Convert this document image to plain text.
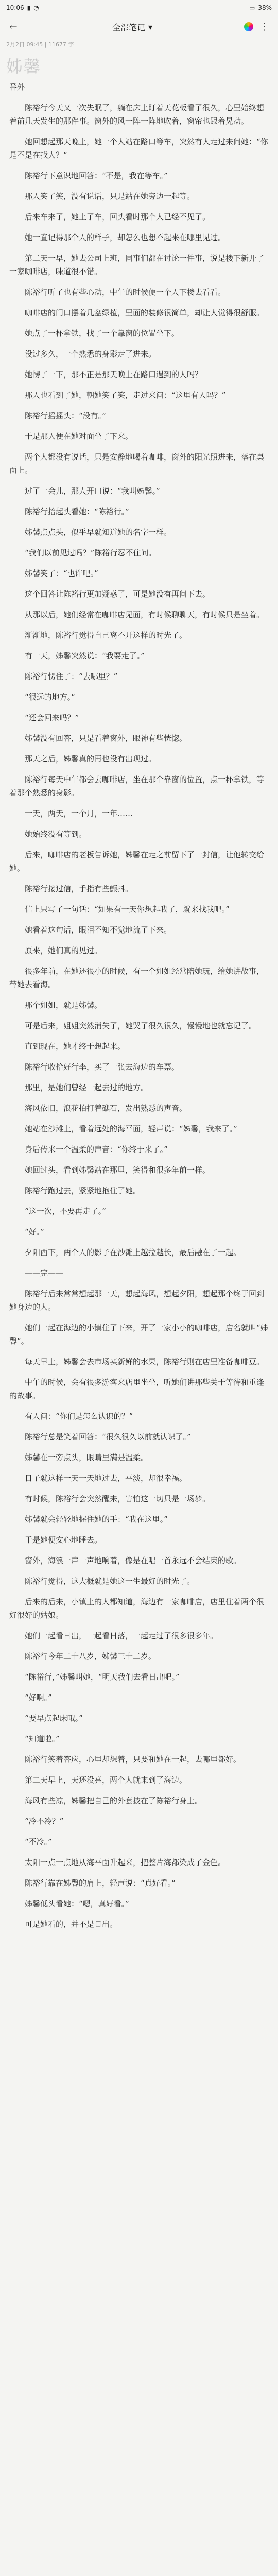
10:06 ▮ ◔	▭ 38%
←	全部笔记 ▾	⋮
2月2日 09:45 | 11677 字
姊馨

番外

陈裕行今天又一次失眠了，躺在床上盯着天花板看了很久，心里始终想着前几天发生的那件事。窗外的风一阵一阵地吹着，窗帘也跟着晃动。

她回想起那天晚上，她一个人站在路口等车，突然有人走过来问她：“你是不是在找人？”

陈裕行下意识地回答：“不是，我在等车。”

那人笑了笑，没有说话，只是站在她旁边一起等。

后来车来了，她上了车，回头看时那个人已经不见了。

她一直记得那个人的样子，却怎么也想不起来在哪里见过。

第二天一早，她去公司上班，同事们都在讨论一件事，说是楼下新开了一家咖啡店，味道很不错。

陈裕行听了也有些心动，中午的时候便一个人下楼去看看。

咖啡店的门口摆着几盆绿植，里面的装修很简单，却让人觉得很舒服。

她点了一杯拿铁，找了一个靠窗的位置坐下。

没过多久，一个熟悉的身影走了进来。

她愣了一下，那不正是那天晚上在路口遇到的人吗？

那人也看到了她，朝她笑了笑，走过来问：“这里有人吗？”

陈裕行摇摇头：“没有。”

于是那人便在她对面坐了下来。

两个人都没有说话，只是安静地喝着咖啡，窗外的阳光照进来，落在桌面上。

过了一会儿，那人开口说：“我叫姊馨。”

陈裕行抬起头看她：“陈裕行。”

姊馨点点头，似乎早就知道她的名字一样。

“我们以前见过吗？”陈裕行忍不住问。

姊馨笑了：“也许吧。”

这个回答让陈裕行更加疑惑了，可是她没有再问下去。

从那以后，她们经常在咖啡店见面，有时候聊聊天，有时候只是坐着。

渐渐地，陈裕行觉得自己离不开这样的时光了。

有一天，姊馨突然说：“我要走了。”

陈裕行愣住了：“去哪里？”

“很远的地方。”

“还会回来吗？”

姊馨没有回答，只是看着窗外，眼神有些恍惚。

那天之后，姊馨真的再也没有出现过。

陈裕行每天中午都会去咖啡店，坐在那个靠窗的位置，点一杯拿铁，等着那个熟悉的身影。

一天，两天，一个月，一年……

她始终没有等到。

后来，咖啡店的老板告诉她，姊馨在走之前留下了一封信，让他转交给她。

陈裕行接过信，手指有些颤抖。

信上只写了一句话：“如果有一天你想起我了，就来找我吧。”

她看着这句话，眼泪不知不觉地流了下来。

原来，她们真的见过。

很多年前，在她还很小的时候，有一个姐姐经常陪她玩，给她讲故事，带她去看海。

那个姐姐，就是姊馨。

可是后来，姐姐突然消失了，她哭了很久很久，慢慢地也就忘记了。

直到现在，她才终于想起来。

陈裕行收拾好行李，买了一张去海边的车票。

那里，是她们曾经一起去过的地方。

海风依旧，浪花拍打着礁石，发出熟悉的声音。

她站在沙滩上，看着远处的海平面，轻声说：“姊馨，我来了。”

身后传来一个温柔的声音：“你终于来了。”

她回过头，看到姊馨站在那里，笑得和很多年前一样。

陈裕行跑过去，紧紧地抱住了她。

“这一次，不要再走了。”

“好。”

夕阳西下，两个人的影子在沙滩上越拉越长，最后融在了一起。

——完——

陈裕行后来常常想起那一天，想起海风，想起夕阳，想起那个终于回到她身边的人。

她们一起在海边的小镇住了下来，开了一家小小的咖啡店，店名就叫“姊馨”。

每天早上，姊馨会去市场买新鲜的水果，陈裕行则在店里准备咖啡豆。

中午的时候，会有很多游客来店里坐坐，听她们讲那些关于等待和重逢的故事。

有人问：“你们是怎么认识的？”

陈裕行总是笑着回答：“很久很久以前就认识了。”

姊馨在一旁点头，眼睛里满是温柔。

日子就这样一天一天地过去，平淡，却很幸福。

有时候，陈裕行会突然醒来，害怕这一切只是一场梦。

姊馨就会轻轻地握住她的手：“我在这里。”

于是她便安心地睡去。

窗外，海浪一声一声地响着，像是在唱一首永远不会结束的歌。

陈裕行觉得，这大概就是她这一生最好的时光了。

后来的后来，小镇上的人都知道，海边有一家咖啡店，店里住着两个很好很好的姑娘。

她们一起看日出，一起看日落，一起走过了很多很多年。

陈裕行今年二十八岁，姊馨三十二岁。

“陈裕行，”姊馨叫她，“明天我们去看日出吧。”

“好啊。”

“要早点起床哦。”

“知道啦。”

陈裕行笑着答应，心里却想着，只要和她在一起，去哪里都好。

第二天早上，天还没亮，两个人就来到了海边。

海风有些凉，姊馨把自己的外套披在了陈裕行身上。

“冷不冷？”

“不冷。”

太阳一点一点地从海平面升起来，把整片海都染成了金色。

陈裕行靠在姊馨的肩上，轻声说：“真好看。”

姊馨低头看她：“嗯，真好看。”

可是她看的，并不是日出。
